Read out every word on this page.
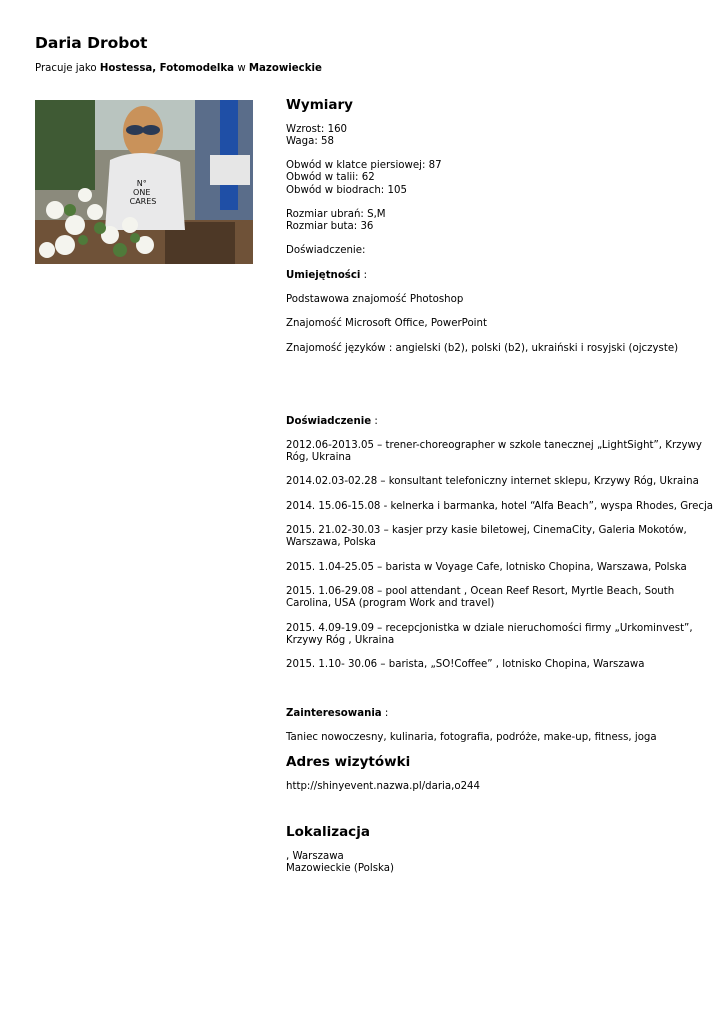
Daria Drobot
Pracuje jako Hostessa, Fotomodelka w Mazowieckie
N° ONE CARES
Wymiary

Wzrost: 160

Waga: 58

Obwód w klatce piersiowej: 87

Obwód w talii: 62

Obwód w biodrach: 105

Rozmiar ubrań: S,M

Rozmiar buta: 36

Doświadczenie:
Umiejętności :
Podstawowa znajomość Photoshop
Znajomość Microsoft Office, PowerPoint
Znajomość języków : angielski (b2), polski (b2), ukraiński i rosyjski (ojczyste)
Doświadczenie :
2012.06-2013.05 – trener-choreographer w szkole tanecznej „LightSight”, Krzywy Róg, Ukraina
2014.02.03-02.28 – konsultant telefoniczny internet sklepu, Krzywy Róg, Ukraina
2014. 15.06-15.08 - kelnerka i barmanka, hotel “Alfa Beach”, wyspa Rhodes, Grecja
2015. 21.02-30.03 – kasjer przy kasie biletowej, CinemaCity, Galeria Mokotów, Warszawa, Polska
2015. 1.04-25.05 – barista w Voyage Cafe, lotnisko Chopina, Warszawa, Polska
2015. 1.06-29.08 – pool attendant , Ocean Reef Resort, Myrtle Beach, South Carolina, USA (program Work and travel)
2015. 4.09-19.09 – recepcjonistka w dziale nieruchomości firmy „Urkominvest”, Krzywy Róg , Ukraina
2015. 1.10- 30.06 – barista, „SO!Coffee” , lotnisko Chopina, Warszawa
Zainteresowania :
Taniec nowoczesny, kulinaria, fotografia, podróże, make-up, fitness, joga
Adres wizytówki
http://shinyevent.nazwa.pl/daria,o244
Lokalizacja

, Warszawa

Mazowieckie (Polska)
